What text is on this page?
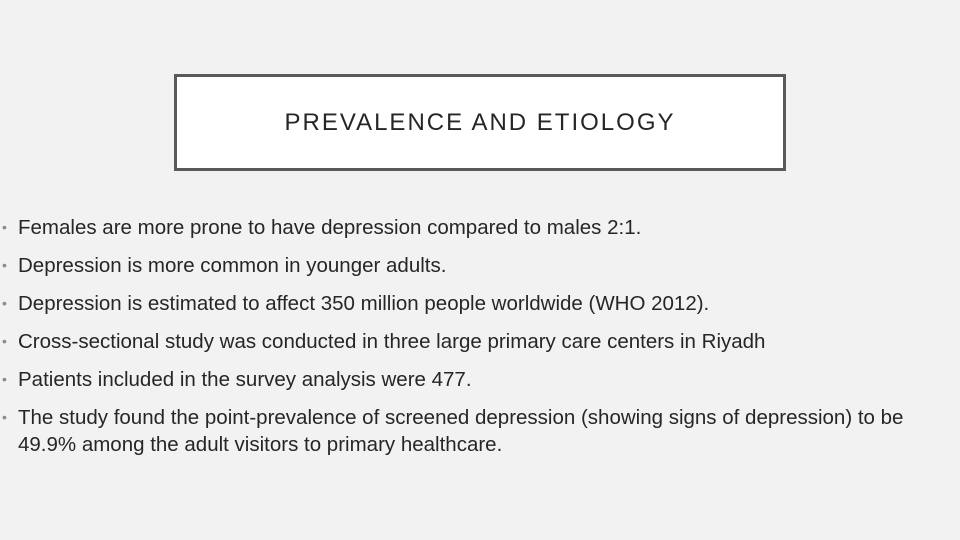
PREVALENCE AND ETIOLOGY
• Females are more prone to have depression compared to males 2:1.
• Depression is more common in younger adults.
• Depression is estimated to affect 350 million people worldwide (WHO 2012).
• Cross-sectional study was conducted in three large primary care centers in Riyadh
• Patients included in the survey analysis were 477.
• The study found the point-prevalence of screened depression (showing signs of depression) to be 49.9% among the adult visitors to primary healthcare.
